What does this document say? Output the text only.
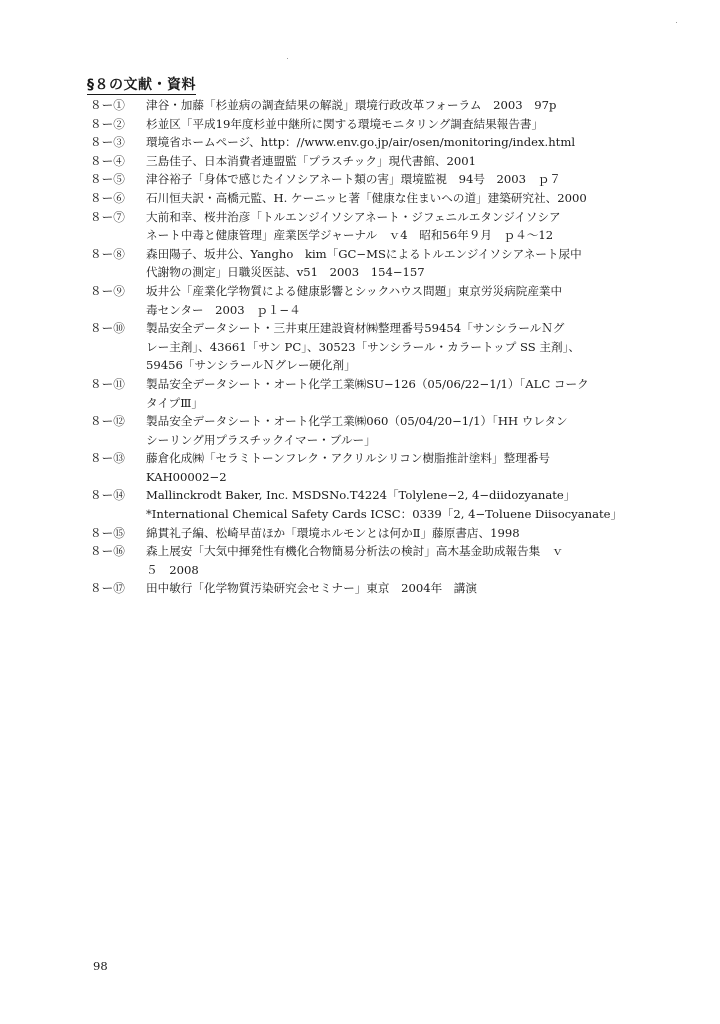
§８の文献・資料
８ー①	津谷・加藤「杉並病の調査結果の解説」環境行政改革フォーラム　2003　97p
８ー②	杉並区「平成19年度杉並中継所に関する環境モニタリング調査結果報告書」
８ー③	環境省ホームページ、http：//www.env.go.jp/air/osen/monitoring/index.html
８ー④	三島佳子、日本消費者連盟監「プラスチック」現代書館、2001
８ー⑤	津谷裕子「身体で感じたイソシアネート類の害」環境監視　94号　2003　ｐ７
８ー⑥	石川恒夫訳・高橋元監、H. ケーニッヒ著「健康な住まいへの道」建築研究社、2000
８ー⑦	大前和幸、桜井治彦「トルエンジイソシアネート・ジフェニルエタンジイソシア
ネート中毒と健康管理」産業医学ジャーナル　ｖ4　昭和56年９月　ｐ４～12
８ー⑧	森田陽子、坂井公、Yangho　kim「GC−MSによるトルエンジイソシアネート尿中
代謝物の測定」日職災医誌、v51　2003　154−157
８ー⑨	坂井公「産業化学物質による健康影響とシックハウス問題」東京労災病院産業中
毒センター　2003　ｐ１−４
８ー⑩	製品安全データシート・三井東圧建設資材㈱整理番号59454「サンシラールＮグ
レー主剤」、43661「サン PC」、30523「サンシラール・カラートップ SS 主剤」、
59456「サンシラールＮグレー硬化剤」
８ー⑪	製品安全データシート・オート化学工業㈱SU−126（05/06/22−1/1）「ALC コーク
タイプⅢ」
８ー⑫	製品安全データシート・オート化学工業㈱060（05/04/20−1/1）「HH ウレタン
シーリング用プラスチックイマー・ブルー」
８ー⑬	藤倉化成㈱「セラミトーンフレク・アクリルシリコン樹脂推計塗料」整理番号
KAH00002−2
８ー⑭	Mallinckrodt Baker, Inc. MSDSNo.T4224「Tolylene−2, 4−diidozyanate」
*International Chemical Safety Cards ICSC：0339「2, 4−Toluene Diisocyanate」
８ー⑮	綿貫礼子編、松崎早苗ほか「環境ホルモンとは何かⅡ」藤原書店、1998
８ー⑯	森上展安「大気中揮発性有機化合物簡易分析法の検討」高木基金助成報告集　ｖ
５　2008
８ー⑰	田中敏行「化学物質汚染研究会セミナー」東京　2004年　講演
98
